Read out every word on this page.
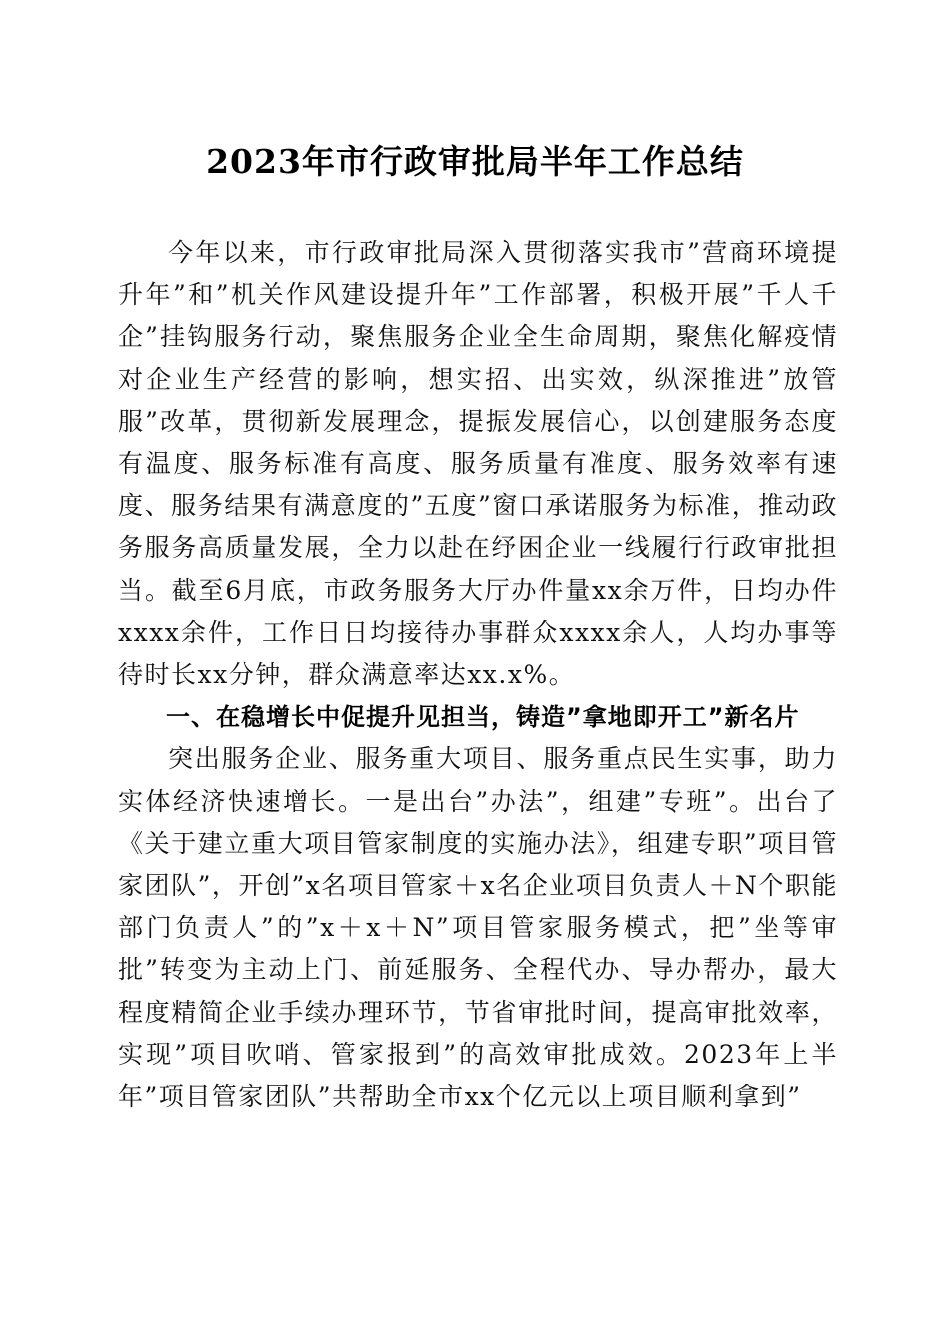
2023年市行政审批局半年工作总结

今年以来，市行政审批局深入贯彻落实我市”营商环境提升年”和”机关作风建设提升年”工作部署，积极开展”千人千企”挂钩服务行动，聚焦服务企业全生命周期，聚焦化解疫情对企业生产经营的影响，想实招、出实效，纵深推进”放管服”改革，贯彻新发展理念，提振发展信心，以创建服务态度有温度、服务标准有高度、服务质量有准度、服务效率有速度、服务结果有满意度的”五度”窗口承诺服务为标准，推动政务服务高质量发展，全力以赴在纾困企业一线履行行政审批担当。截至6月底，市政务服务大厅办件量xx余万件，日均办件xxxx余件，工作日日均接待办事群众xxxx余人，人均办事等待时长xx分钟，群众满意率达xx.x%。

一、在稳增长中促提升见担当，铸造”拿地即开工”新名片

突出服务企业、服务重大项目、服务重点民生实事，助力实体经济快速增长。一是出台”办法”，组建”专班”。出台了《关于建立重大项目管家制度的实施办法》，组建专职”项目管家团队”，开创”x名项目管家＋x名企业项目负责人＋N个职能部门负责人”的”x＋x＋N”项目管家服务模式，把”坐等审批”转变为主动上门、前延服务、全程代办、导办帮办，最大程度精简企业手续办理环节，节省审批时间，提高审批效率，实现”项目吹哨、管家报到”的高效审批成效。2023年上半年”项目管家团队”共帮助全市xx个亿元以上项目顺利拿到”
